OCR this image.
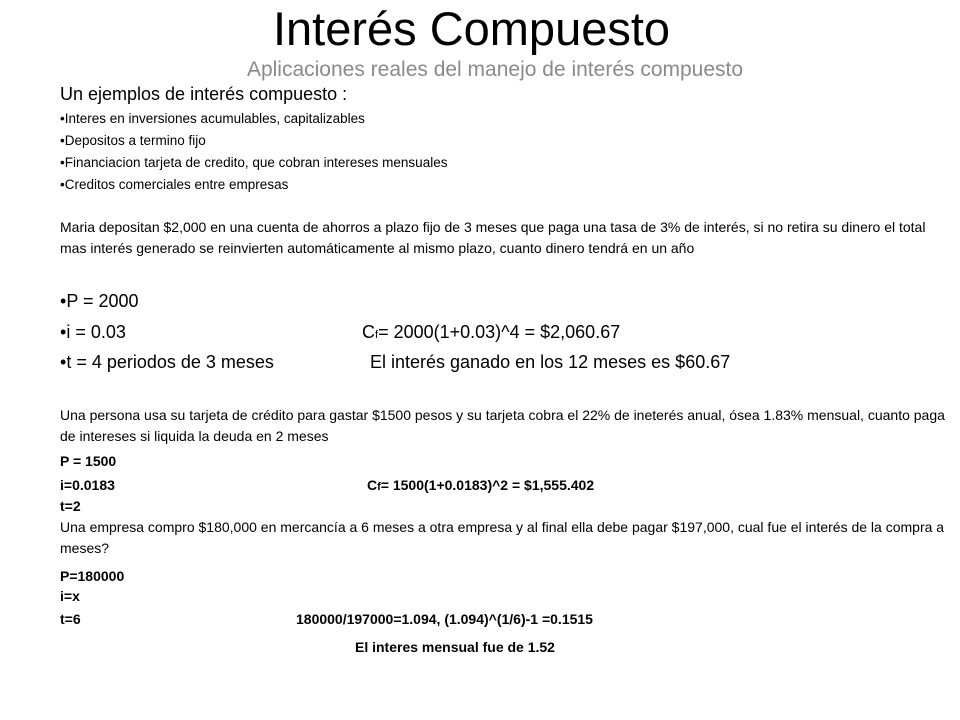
Interés Compuesto
Aplicaciones reales del manejo de interés compuesto
Un ejemplos de interés compuesto :
• Interes en inversiones acumulables, capitalizables
• Depositos a termino fijo
• Financiacion tarjeta de credito, que cobran intereses mensuales
• Creditos comerciales entre empresas

Maria depositan $2,000 en una cuenta de ahorros a plazo fijo de 3 meses que paga una tasa de 3% de interés, si no retira su dinero el total mas interés generado se reinvierten automáticamente al mismo plazo, cuanto dinero tendrá en un año

• P = 2000
• i = 0.03	Cf= 2000(1+0.03)^4 = $2,060.67
• t = 4 periodos de 3 meses	El interés ganado en los 12 meses es $60.67

Una persona usa su tarjeta de crédito para gastar $1500 pesos y su tarjeta cobra el 22% de ineterés anual, ósea 1.83% mensual, cuanto paga de intereses si liquida la deuda en 2 meses

P = 1500
i=0.0183	Cf= 1500(1+0.0183)^2 = $1,555.402
t=2

Una empresa compro $180,000 en mercancía a 6 meses a otra empresa y al final ella debe pagar $197,000, cual fue el interés de la compra a meses?

P=180000
i=x
t=6	180000/197000=1.094, (1.094)^(1/6)-1 =0.1515
El interes mensual fue de 1.52
